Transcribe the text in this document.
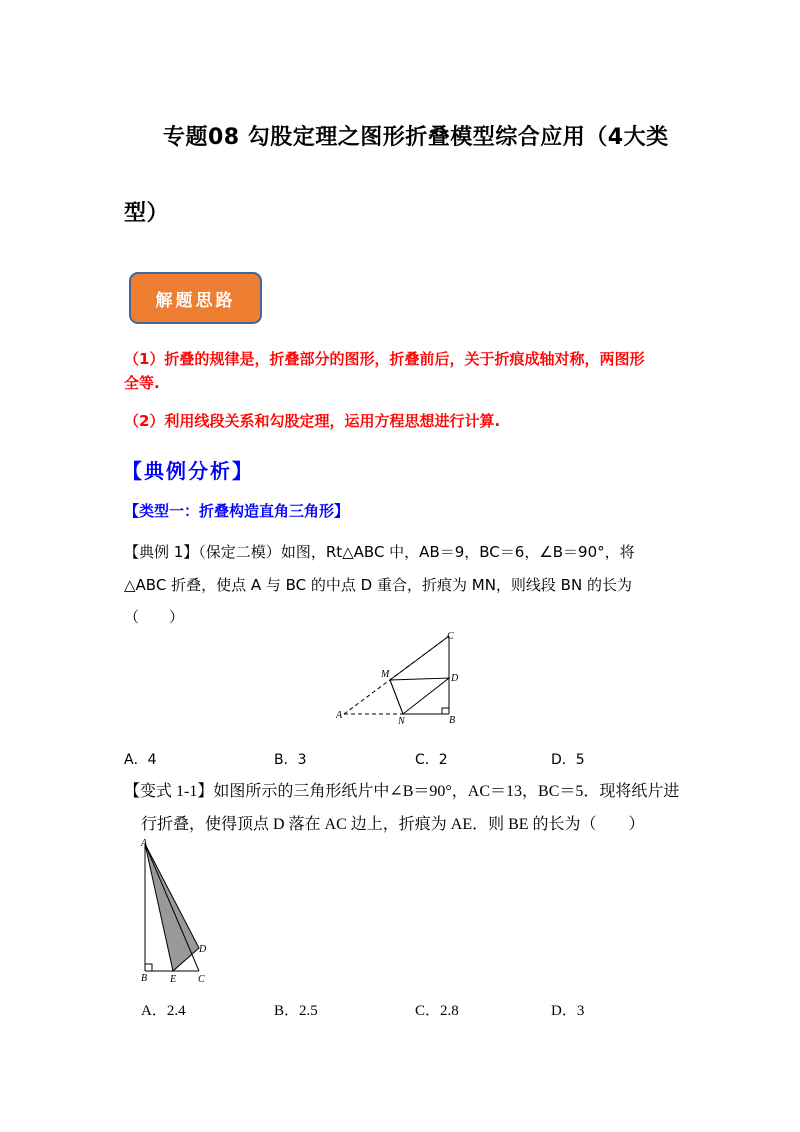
专题08 勾股定理之图形折叠模型综合应用（4大类
型）
解题思路
（1）折叠的规律是，折叠部分的图形，折叠前后，关于折痕成轴对称，两图形
全等.
（2）利用线段关系和勾股定理，运用方程思想进行计算.
【典例分析】
【类型一：折叠构造直角三角形】
【典例 1】（保定二模）如图，Rt△ABC 中，AB＝9，BC＝6，∠B＝90°，将
△ABC 折叠，使点 A 与 BC 的中点 D 重合，折痕为 MN，则线段 BN 的长为
（　　）
C
D
M
A
N	B
A．4	B．3	C．2	D．5
【变式 1-1】如图所示的三角形纸片中∠B＝90°，AC＝13，BC＝5．现将纸片进
行折叠，使得顶点 D 落在 AC 边上，折痕为 AE．则 BE 的长为（　　）
A
D
B E C
A．2.4	B．2.5	C．2.8	D．3
